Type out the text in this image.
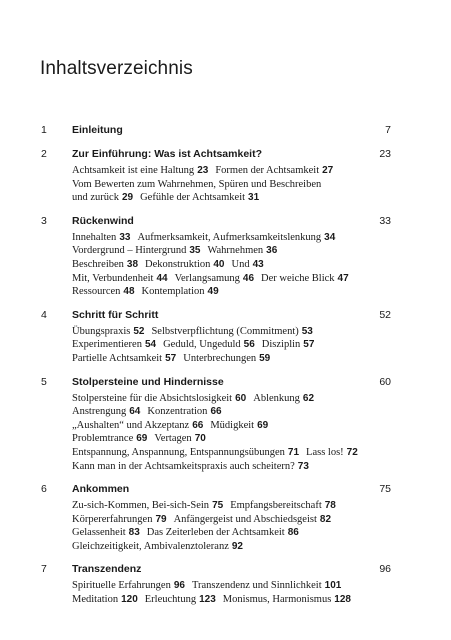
Inhaltsverzeichnis
1 Einleitung	7
2 Zur Einführung: Was ist Achtsamkeit?	23
Achtsamkeit ist eine Haltung 23 Formen der Achtsamkeit 27
Vom Bewerten zum Wahrnehmen, Spüren und Beschreiben
und zurück 29 Gefühle der Achtsamkeit 31
3 Rückenwind	33
Innehalten 33 Aufmerksamkeit, Aufmerksamkeitslenkung 34
Vordergrund – Hintergrund 35 Wahrnehmen 36
Beschreiben 38 Dekonstruktion 40 Und 43
Mit, Verbundenheit 44 Verlangsamung 46 Der weiche Blick 47
Ressourcen 48 Kontemplation 49
4 Schritt für Schritt	52
Übungspraxis 52 Selbstverpflichtung (Commitment) 53
Experimentieren 54 Geduld, Ungeduld 56 Disziplin 57
Partielle Achtsamkeit 57 Unterbrechungen 59
5 Stolpersteine und Hindernisse	60
Stolpersteine für die Absichtslosigkeit 60 Ablenkung 62
Anstrengung 64 Konzentration 66
„Aushalten“ und Akzeptanz 66 Müdigkeit 69
Problemtrance 69 Vertagen 70
Entspannung, Anspannung, Entspannungsübungen 71 Lass los! 72
Kann man in der Achtsamkeitspraxis auch scheitern? 73
6 Ankommen	75
Zu-sich-Kommen, Bei-sich-Sein 75 Empfangsbereitschaft 78
Körpererfahrungen 79 Anfängergeist und Abschiedsgeist 82
Gelassenheit 83 Das Zeiterleben der Achtsamkeit 86
Gleichzeitigkeit, Ambivalenztoleranz 92
7 Transzendenz	96
Spirituelle Erfahrungen 96 Transzendenz und Sinnlichkeit 101
Meditation 120 Erleuchtung 123 Monismus, Harmonismus 128
